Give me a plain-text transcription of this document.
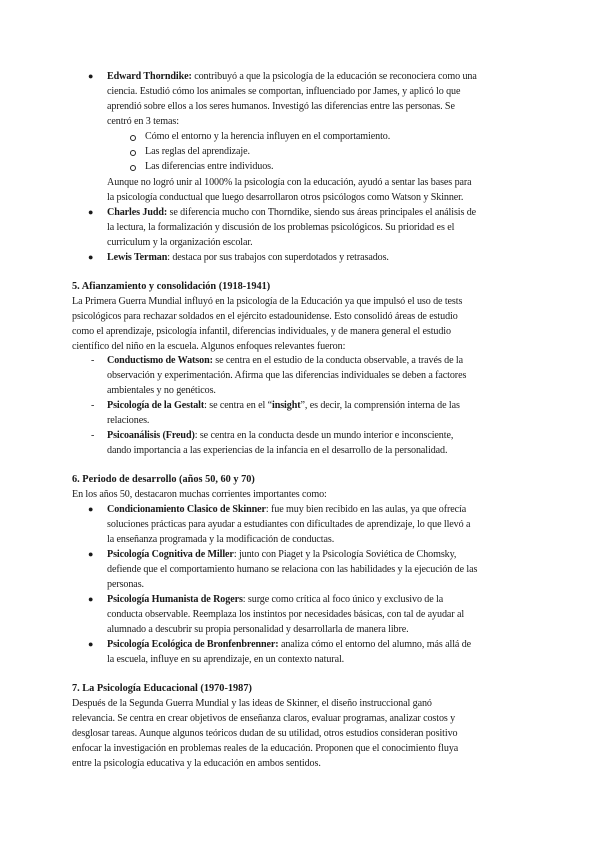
● Edward Thorndike: contribuyó a que la psicología de la educación se reconociera como una
ciencia. Estudió cómo los animales se comportan, influenciado por James, y aplicó lo que
aprendió sobre ellos a los seres humanos. Investigó las diferencias entre las personas. Se
centró en 3 temas:
Cómo el entorno y la herencia influyen en el comportamiento.
Las reglas del aprendizaje.
Las diferencias entre individuos.
Aunque no logró unir al 1000% la psicología con la educación, ayudó a sentar las bases para
la psicología conductual que luego desarrollaron otros psicólogos como Watson y Skinner.
● Charles Judd: se diferencia mucho con Thorndike, siendo sus áreas principales el análisis de
la lectura, la formalización y discusión de los problemas psicológicos. Su prioridad es el
curriculum y la organización escolar.
● Lewis Terman: destaca por sus trabajos con superdotados y retrasados.
5. Afianzamiento y consolidación (1918-1941)
La Primera Guerra Mundial influyó en la psicología de la Educación ya que impulsó el uso de tests
psicológicos para rechazar soldados en el ejército estadounidense. Esto consolidó áreas de estudio
como el aprendizaje, psicología infantil, diferencias individuales, y de manera general el estudio
científico del niño en la escuela. Algunos enfoques relevantes fueron:
- Conductismo de Watson: se centra en el estudio de la conducta observable, a través de la
observación y experimentación. Afirma que las diferencias individuales se deben a factores
ambientales y no genéticos.
- Psicología de la Gestalt: se centra en el “insight”, es decir, la comprensión interna de las
relaciones.
- Psicoanálisis (Freud): se centra en la conducta desde un mundo interior e inconsciente,
dando importancia a las experiencias de la infancia en el desarrollo de la personalidad.
6. Periodo de desarrollo (años 50, 60 y 70)
En los años 50, destacaron muchas corrientes importantes como:
● Condicionamiento Clasico de Skinner: fue muy bien recibido en las aulas, ya que ofrecía
soluciones prácticas para ayudar a estudiantes con dificultades de aprendizaje, lo que llevó a
la enseñanza programada y la modificación de conductas.
● Psicología Cognitiva de Miller: junto con Piaget y la Psicología Soviética de Chomsky,
defiende que el comportamiento humano se relaciona con las habilidades y la ejecución de las
personas.
● Psicología Humanista de Rogers: surge como crítica al foco único y exclusivo de la
conducta observable. Reemplaza los instintos por necesidades básicas, con tal de ayudar al
alumnado a descubrir su propia personalidad y desarrollarla de manera libre.
● Psicología Ecológica de Bronfenbrenner: analiza cómo el entorno del alumno, más allá de
la escuela, influye en su aprendizaje, en un contexto natural.
7. La Psicología Educacional (1970-1987)
Después de la Segunda Guerra Mundial y las ideas de Skinner, el diseño instruccional ganó
relevancia. Se centra en crear objetivos de enseñanza claros, evaluar programas, analizar costos y
desglosar tareas. Aunque algunos teóricos dudan de su utilidad, otros estudios consideran positivo
enfocar la investigación en problemas reales de la educación. Proponen que el conocimiento fluya
entre la psicología educativa y la educación en ambos sentidos.
